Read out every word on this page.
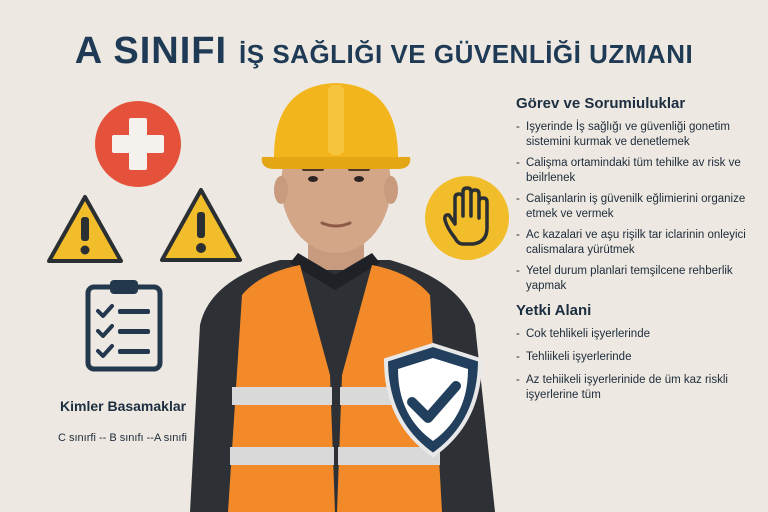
A SINIFI İŞ SAĞLIĞI VE GÜVENLİĞİ UZMANI
Görev ve Sorumiuluklar
- Işyerinde İş sağlığı ve güvenliği gonetim sistemini kurmak ve denetlemek
- Calişma ortamindaki tüm tehilke av risk ve beilrlenek
- Calişanlarin iş güvenilk eğlimierini organize etmek ve vermek
- Ac kazalari ve aşu rişilk tar iclarinin onleyici calismalara yürütmek
- Yetel durum planlari temşilcene rehberlik yapmak
Yetki Alani
- Cok tehlikeli işyerlerinde
- Tehliikeli işyerlerinde
- Az tehiikeli işyerlerinide de üm kaz riskli işyerlerine tüm
Kimler Basamaklar
C sınırfi -- B sınıfı --A sınıfi
